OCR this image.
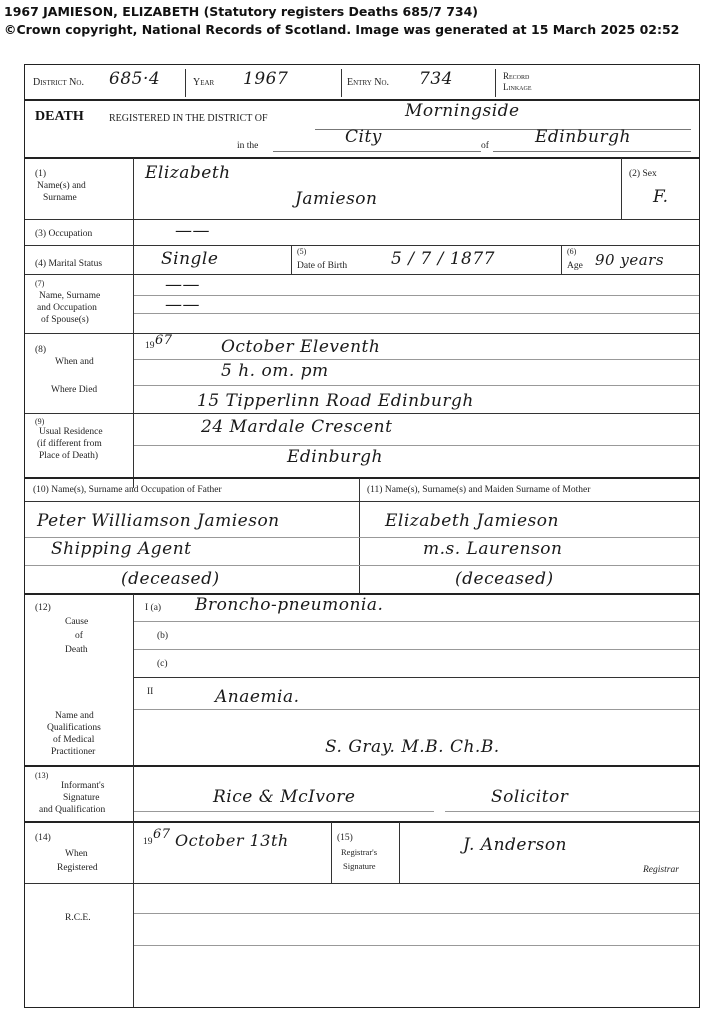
1967 JAMIESON, ELIZABETH (Statutory registers Deaths 685/7 734)
©Crown copyright, National Records of Scotland. Image was generated at 15 March 2025 02:52
District No. 685·4	Year 1967	Entry No. 734	Record
Linkage
DEATH	REGISTERED IN THE DISTRICT OF	Morningside
in the	City	of	Edinburgh
(1)
Name(s) and
Surname
Elizabeth
Jamieson
(2) Sex
F.
(3) Occupation	——
(4) Marital Status	Single	(5)
Date of Birth	5 / 7 / 1877	(6)
Age 90 years
(7)
Name, Surname
and Occupation
of Spouse(s)
——
——
(8)
When and
Where Died
19 67	October Eleventh
5 h. om. pm
15 Tipperlinn Road Edinburgh
(9)
Usual Residence
(if different from
Place of Death)
24 Mardale Crescent
Edinburgh
(10) Name(s), Surname and Occupation of Father	(11) Name(s), Surname(s) and Maiden Surname of Mother
Peter Williamson Jamieson	Elizabeth Jamieson
Shipping Agent	m.s. Laurenson
(deceased)	(deceased)
(12)
Cause
of
Death
I (a) Broncho-pneumonia.
(b)
(c)
II	Anaemia.
Name and
Qualifications
of Medical
Practitioner	S. Gray. M.B. Ch.B.
(13)
Informant's
Signature
and Qualification
Rice & McIvore	Solicitor
(14)
When
Registered
19 67 October 13th	(15)
Registrar's
Signature
J. Anderson
Registrar
R.C.E.
